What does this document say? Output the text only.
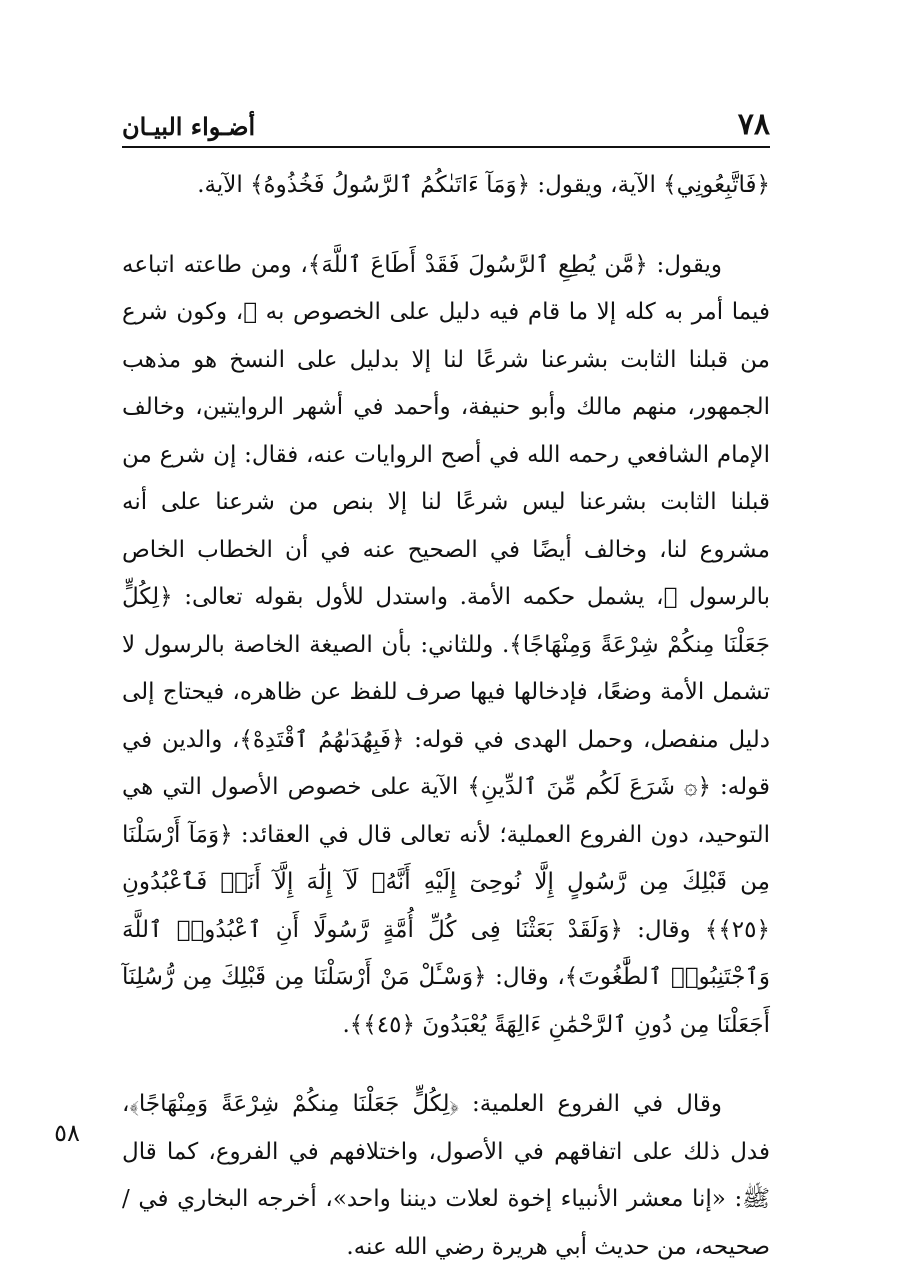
٧٨
أضـواء البيـان

﴿فَاتَّبِعُونِي﴾ الآية، ويقول: ﴿وَمَآ ءَاتَىٰكُمُ ٱلرَّسُولُ فَخُذُوهُ﴾ الآية.

ويقول: ﴿مَّن يُطِعِ ٱلرَّسُولَ فَقَدْ أَطَاعَ ٱللَّهَ﴾، ومن طاعته اتباعه فيما أمر به كله إلا ما قام فيه دليل على الخصوص به ﷺ، وكون شرع من قبلنا الثابت بشرعنا شرعًا لنا إلا بدليل على النسخ هو مذهب الجمهور، منهم مالك وأبو حنيفة، وأحمد في أشهر الروايتين، وخالف الإمام الشافعي رحمه الله في أصح الروايات عنه، فقال: إن شرع من قبلنا الثابت بشرعنا ليس شرعًا لنا إلا بنص من شرعنا على أنه مشروع لنا، وخالف أيضًا في الصحيح عنه في أن الخطاب الخاص بالرسول ﷺ، يشمل حكمه الأمة. واستدل للأول بقوله تعالى: ﴿لِكُلٍّ جَعَلْنَا مِنكُمْ شِرْعَةً وَمِنْهَاجًا﴾. وللثاني: بأن الصيغة الخاصة بالرسول لا تشمل الأمة وضعًا، فإدخالها فيها صرف للفظ عن ظاهره، فيحتاج إلى دليل منفصل، وحمل الهدى في قوله: ﴿فَبِهُدَىٰهُمُ ٱقْتَدِهْ﴾، والدين في قوله: ﴿۞ شَرَعَ لَكُم مِّنَ ٱلدِّينِ﴾ الآية على خصوص الأصول التي هي التوحيد، دون الفروع العملية؛ لأنه تعالى قال في العقائد: ﴿وَمَآ أَرْسَلْنَا مِن قَبْلِكَ مِن رَّسُولٍ إِلَّا نُوحِىٓ إِلَيْهِ أَنَّهُۥ لَآ إِلَٰهَ إِلَّآ أَنَا۠ فَٱعْبُدُونِ ﴿٢٥﴾﴾ وقال: ﴿وَلَقَدْ بَعَثْنَا فِى كُلِّ أُمَّةٍ رَّسُولًا أَنِ ٱعْبُدُوا۟ ٱللَّهَ وَٱجْتَنِبُوا۟ ٱلطَّٰغُوتَ﴾، وقال: ﴿وَسْـَٔلْ مَنْ أَرْسَلْنَا مِن قَبْلِكَ مِن رُّسُلِنَآ أَجَعَلْنَا مِن دُونِ ٱلرَّحْمَٰنِ ءَالِهَةً يُعْبَدُونَ ﴿٤٥﴾﴾.

وقال في الفروع العلمية: ﴿لِكُلٍّ جَعَلْنَا مِنكُمْ شِرْعَةً وَمِنْهَاجًا﴾، فدل ذلك على اتفاقهم في الأصول، واختلافهم في الفروع، كما قال ﷺ: «إنا معشر الأنبياء إخوة لعلات ديننا واحد»، أخرجه البخاري في / صحيحه، من حديث أبي هريرة رضي الله عنه.

٥٨
